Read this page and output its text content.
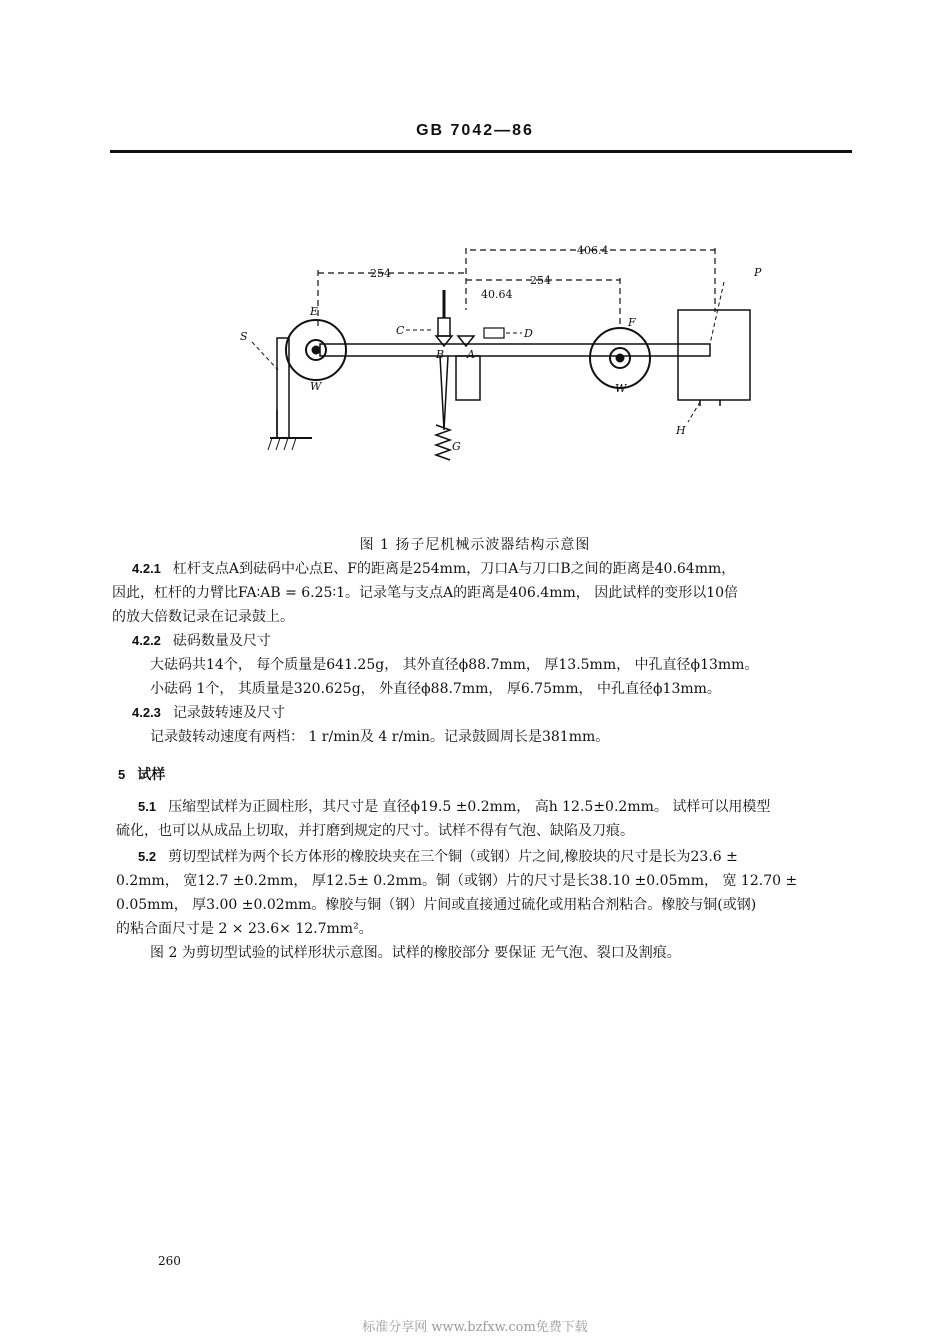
GB 7042—86
254
254
406.4
40.64
S
E
W
F
W
C
B A
D
G
P
H
图 1 扬子尼机械示波器结构示意图
4.2.1 杠杆支点A到砝码中心点E、F的距离是254mm，刀口A与刀口B之间的距离是40.64mm，
因此，杠杆的力臂比FA∶AB = 6.25∶1。记录笔与支点A的距离是406.4mm， 因此试样的变形以10倍
的放大倍数记录在记录鼓上。
4.2.2 砝码数量及尺寸
大砝码共14个， 每个质量是641.25g， 其外直径ϕ88.7mm， 厚13.5mm， 中孔直径ϕ13mm。
小砝码 1个， 其质量是320.625g， 外直径ϕ88.7mm， 厚6.75mm， 中孔直径ϕ13mm。
4.2.3 记录鼓转速及尺寸
记录鼓转动速度有两档： 1 r/min及 4 r/min。记录鼓圆周长是381mm。
5 试样
5.1 压缩型试样为正圆柱形，其尺寸是 直径ϕ19.5 ±0.2mm， 高h 12.5±0.2mm。 试样可以用模型
硫化，也可以从成品上切取，并打磨到规定的尺寸。试样不得有气泡、缺陷及刀痕。
5.2 剪切型试样为两个长方体形的橡胶块夹在三个铜（或钢）片之间,橡胶块的尺寸是长为23.6 ±
0.2mm， 宽12.7 ±0.2mm， 厚12.5± 0.2mm。铜（或钢）片的尺寸是长38.10 ±0.05mm， 宽 12.70 ±
0.05mm， 厚3.00 ±0.02mm。橡胶与铜（钢）片间或直接通过硫化或用粘合剂粘合。橡胶与铜(或钢)
的粘合面尺寸是 2 × 23.6× 12.7mm²。
图 2 为剪切型试验的试样形状示意图。试样的橡胶部分 要保证 无气泡、裂口及割痕。
260
标准分享网 www.bzfxw.com免费下载
